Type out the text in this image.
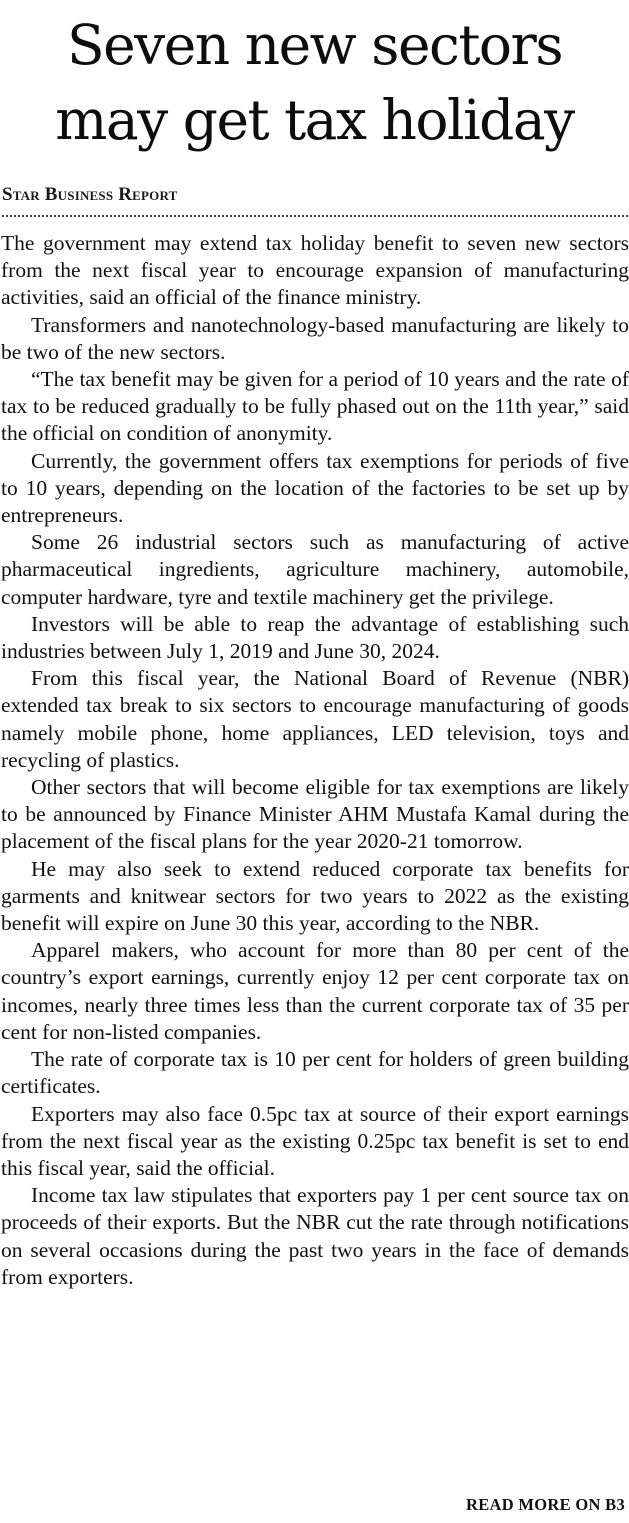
Seven new sectors
may get tax holiday
Star Business Report

The government may extend tax holiday benefit to seven new sectors from the next fiscal year to encourage expansion of manufacturing activities, said an official of the finance ministry.

Transformers and nanotechnology-based manufacturing are likely to be two of the new sectors.

“The tax benefit may be given for a period of 10 years and the rate of tax to be reduced gradually to be fully phased out on the 11th year,” said the official on condition of anonymity.

Currently, the government offers tax exemptions for periods of five to 10 years, depending on the location of the factories to be set up by entrepreneurs.

Some 26 industrial sectors such as manufacturing of active pharmaceutical ingredients, agriculture machinery, automobile, computer hardware, tyre and textile machinery get the privilege.

Investors will be able to reap the advantage of establishing such industries between July 1, 2019 and June 30, 2024.

From this fiscal year, the National Board of Revenue (NBR) extended tax break to six sectors to encourage manufacturing of goods namely mobile phone, home appliances, LED television, toys and recycling of plastics.

Other sectors that will become eligible for tax exemptions are likely to be announced by Finance Minister AHM Mustafa Kamal during the placement of the fiscal plans for the year 2020-21 tomorrow.

He may also seek to extend reduced corporate tax benefits for garments and knitwear sectors for two years to 2022 as the existing benefit will expire on June 30 this year, according to the NBR.

Apparel makers, who account for more than 80 per cent of the country’s export earnings, currently enjoy 12 per cent corporate tax on incomes, nearly three times less than the current corporate tax of 35 per cent for non-listed companies.

The rate of corporate tax is 10 per cent for holders of green building certificates.

Exporters may also face 0.5pc tax at source of their export earnings from the next fiscal year as the existing 0.25pc tax benefit is set to end this fiscal year, said the official.

Income tax law stipulates that exporters pay 1 per cent source tax on proceeds of their exports. But the NBR cut the rate through notifications on several occasions during the past two years in the face of demands from exporters.

READ MORE ON B3
